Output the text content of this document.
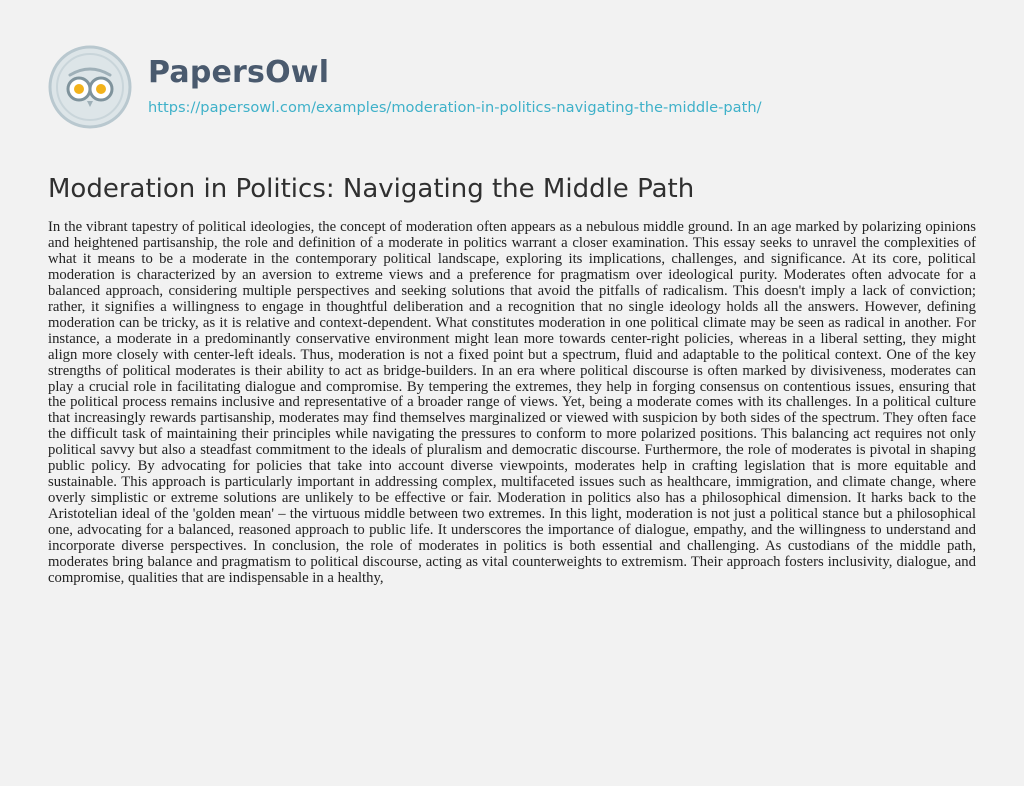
PapersOwl
https://papersowl.com/examples/moderation-in-politics-navigating-the-middle-path/
Moderation in Politics: Navigating the Middle Path

In the vibrant tapestry of political ideologies, the concept of moderation often appears as a nebulous middle ground. In an age marked by polarizing opinions and heightened partisanship, the role and definition of a moderate in politics warrant a closer examination. This essay seeks to unravel the complexities of what it means to be a moderate in the contemporary political landscape, exploring its implications, challenges, and significance. At its core, political moderation is characterized by an aversion to extreme views and a preference for pragmatism over ideological purity. Moderates often advocate for a balanced approach, considering multiple perspectives and seeking solutions that avoid the pitfalls of radicalism. This doesn't imply a lack of conviction; rather, it signifies a willingness to engage in thoughtful deliberation and a recognition that no single ideology holds all the answers. However, defining moderation can be tricky, as it is relative and context-dependent. What constitutes moderation in one political climate may be seen as radical in another. For instance, a moderate in a predominantly conservative environment might lean more towards center-right policies, whereas in a liberal setting, they might align more closely with center-left ideals. Thus, moderation is not a fixed point but a spectrum, fluid and adaptable to the political context. One of the key strengths of political moderates is their ability to act as bridge-builders. In an era where political discourse is often marked by divisiveness, moderates can play a crucial role in facilitating dialogue and compromise. By tempering the extremes, they help in forging consensus on contentious issues, ensuring that the political process remains inclusive and representative of a broader range of views. Yet, being a moderate comes with its challenges. In a political culture that increasingly rewards partisanship, moderates may find themselves marginalized or viewed with suspicion by both sides of the spectrum. They often face the difficult task of maintaining their principles while navigating the pressures to conform to more polarized positions. This balancing act requires not only political savvy but also a steadfast commitment to the ideals of pluralism and democratic discourse. Furthermore, the role of moderates is pivotal in shaping public policy. By advocating for policies that take into account diverse viewpoints, moderates help in crafting legislation that is more equitable and sustainable. This approach is particularly important in addressing complex, multifaceted issues such as healthcare, immigration, and climate change, where overly simplistic or extreme solutions are unlikely to be effective or fair. Moderation in politics also has a philosophical dimension. It harks back to the Aristotelian ideal of the 'golden mean' – the virtuous middle between two extremes. In this light, moderation is not just a political stance but a philosophical one, advocating for a balanced, reasoned approach to public life. It underscores the importance of dialogue, empathy, and the willingness to understand and incorporate diverse perspectives. In conclusion, the role of moderates in politics is both essential and challenging. As custodians of the middle path, moderates bring balance and pragmatism to political discourse, acting as vital counterweights to extremism. Their approach fosters inclusivity, dialogue, and compromise, qualities that are indispensable in a healthy,
